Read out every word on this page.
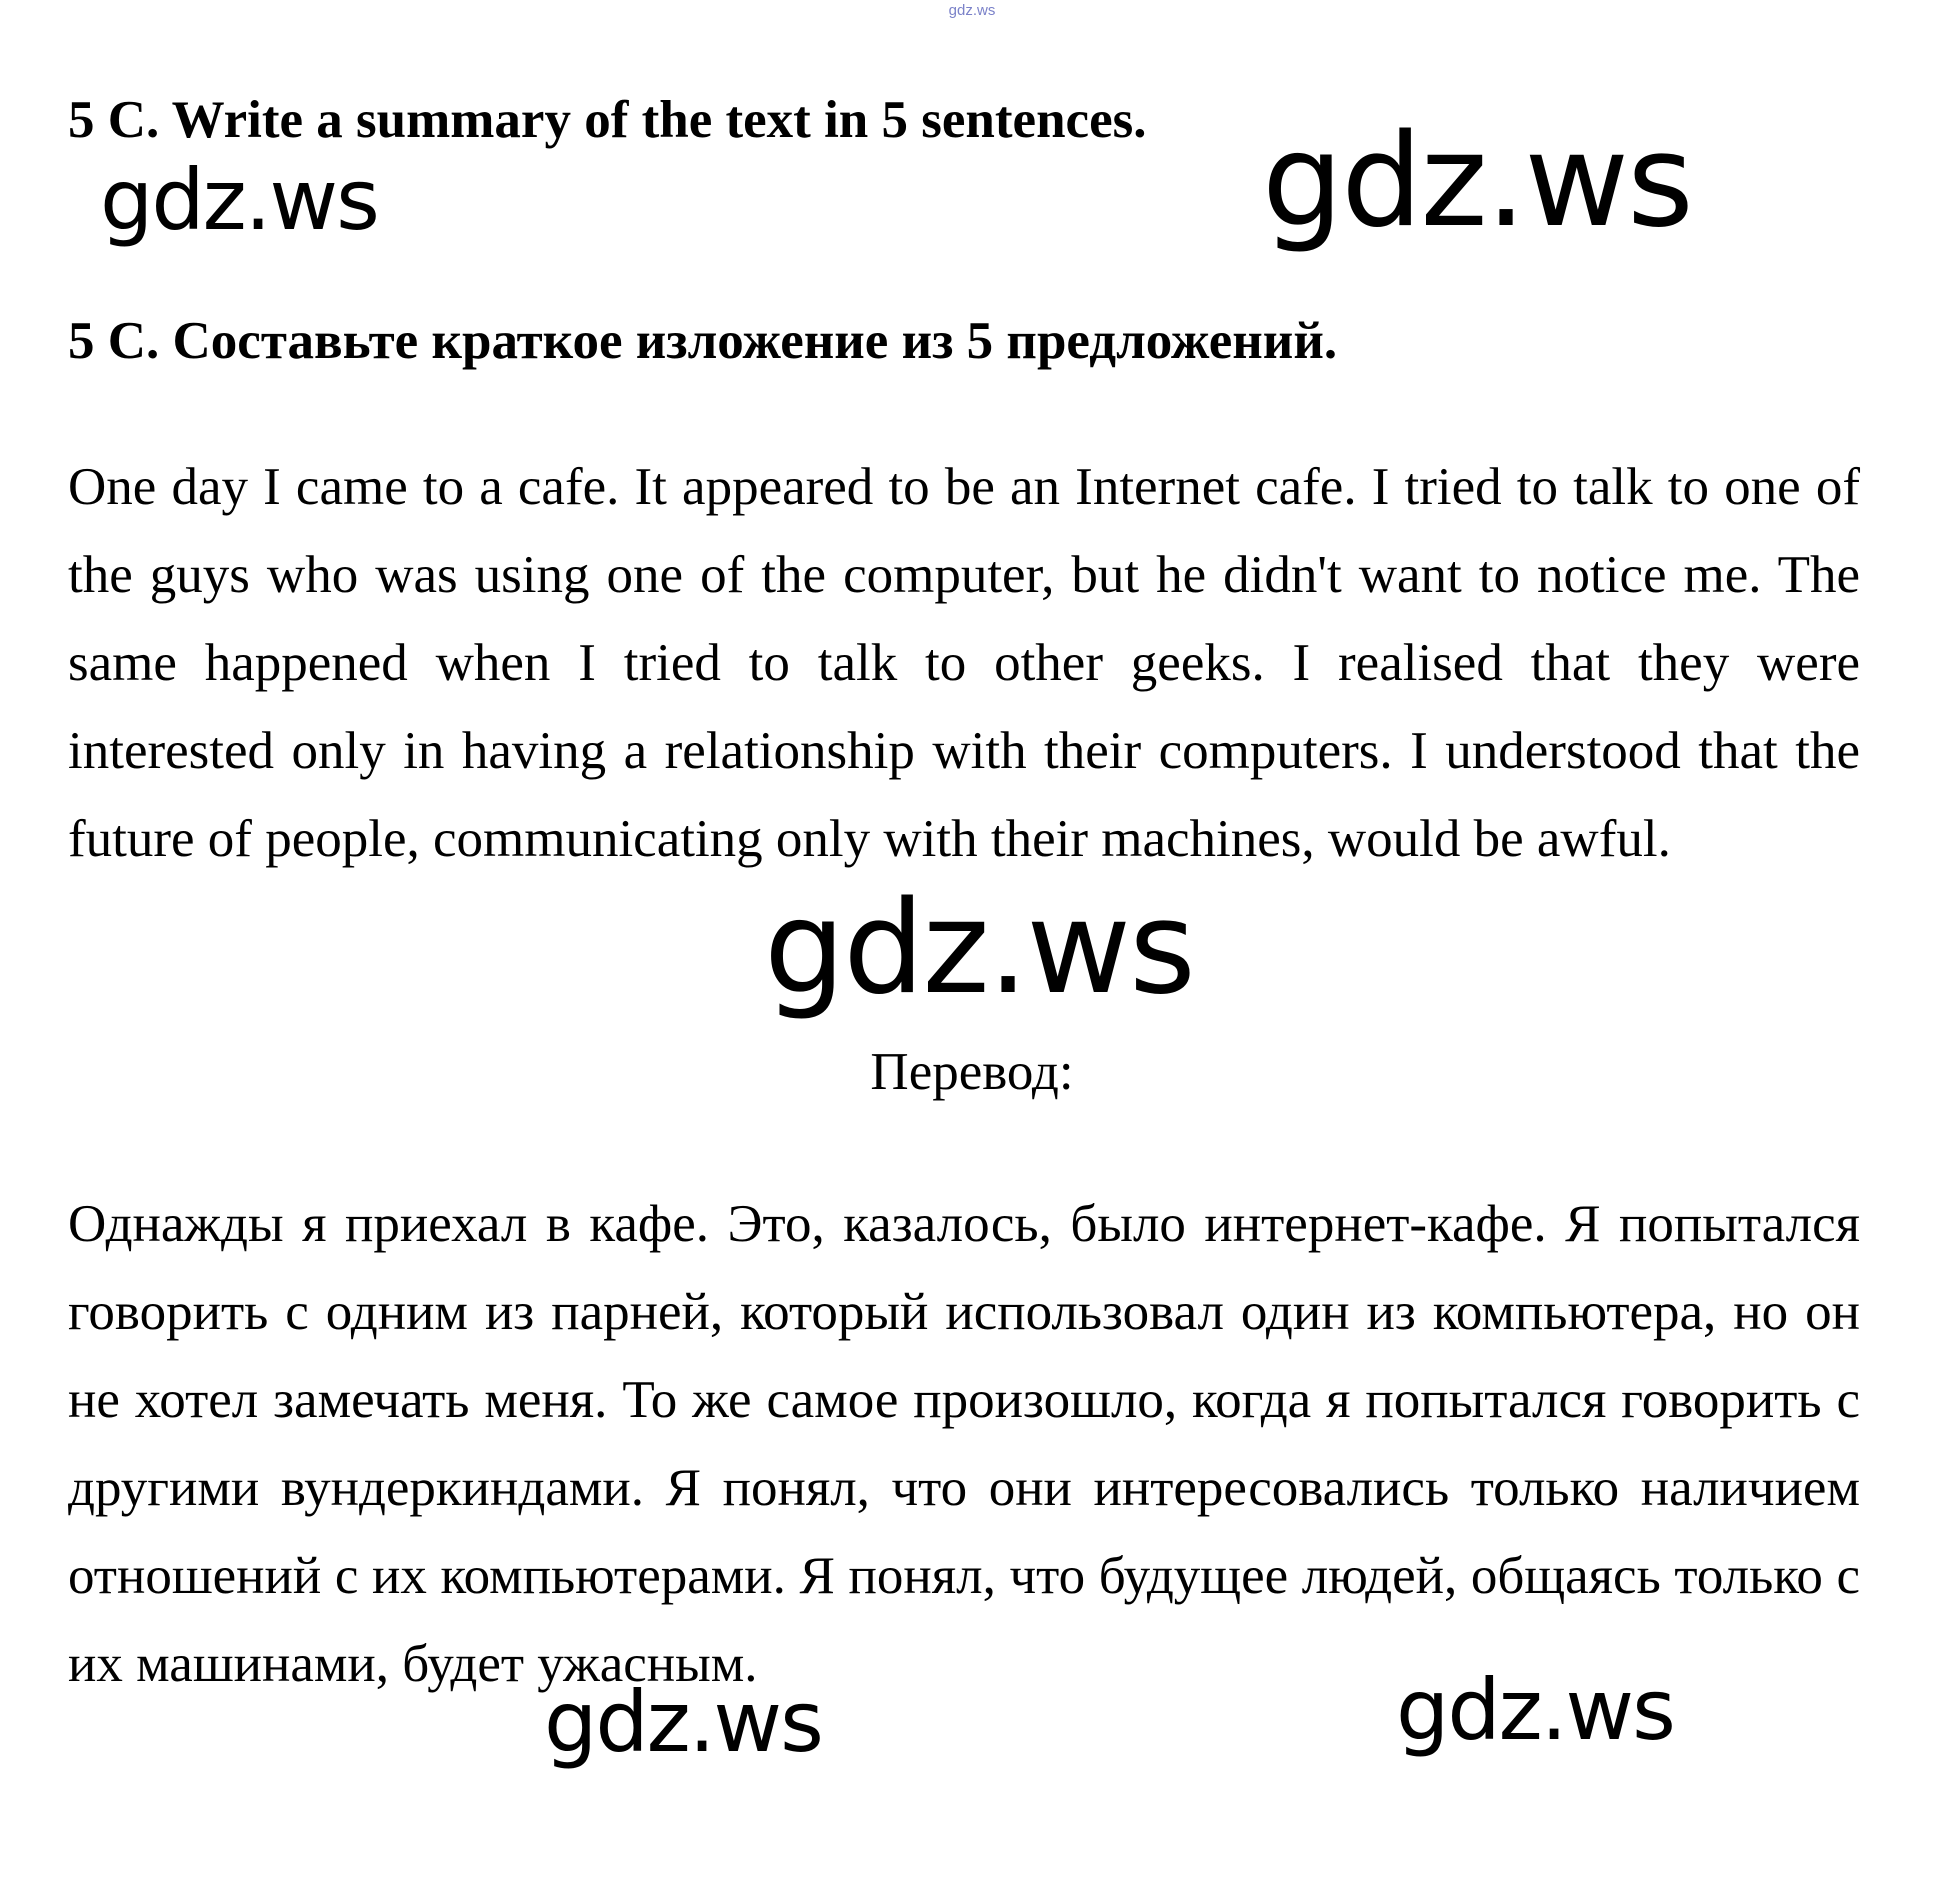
gdz.ws

5 C. Write a summary of the text in 5 sentences.

5 С. Составьте краткое изложение из 5 предложений.

One day I came to a cafe. It appeared to be an Internet cafe. I tried to talk to one of the guys who was using one of the computer, but he didn't want to notice me. The same happened when I tried to talk to other geeks. I realised that they were interested only in having a relationship with their computers. I understood that the future of people, communicating only with their machines, would be awful.

Перевод:

Однажды я приехал в кафе. Это, казалось, было интернет-кафе. Я попытался говорить с одним из парней, который использовал один из компьютера, но он не хотел замечать меня. То же самое произошло, когда я попытался говорить с другими вундеркиндами. Я понял, что они интересовались только наличием отношений с их компьютерами. Я понял, что будущее людей, общаясь только с их машинами, будет ужасным.

gdz.ws	gdz.ws
gdz.ws
gdz.ws	gdz.ws
